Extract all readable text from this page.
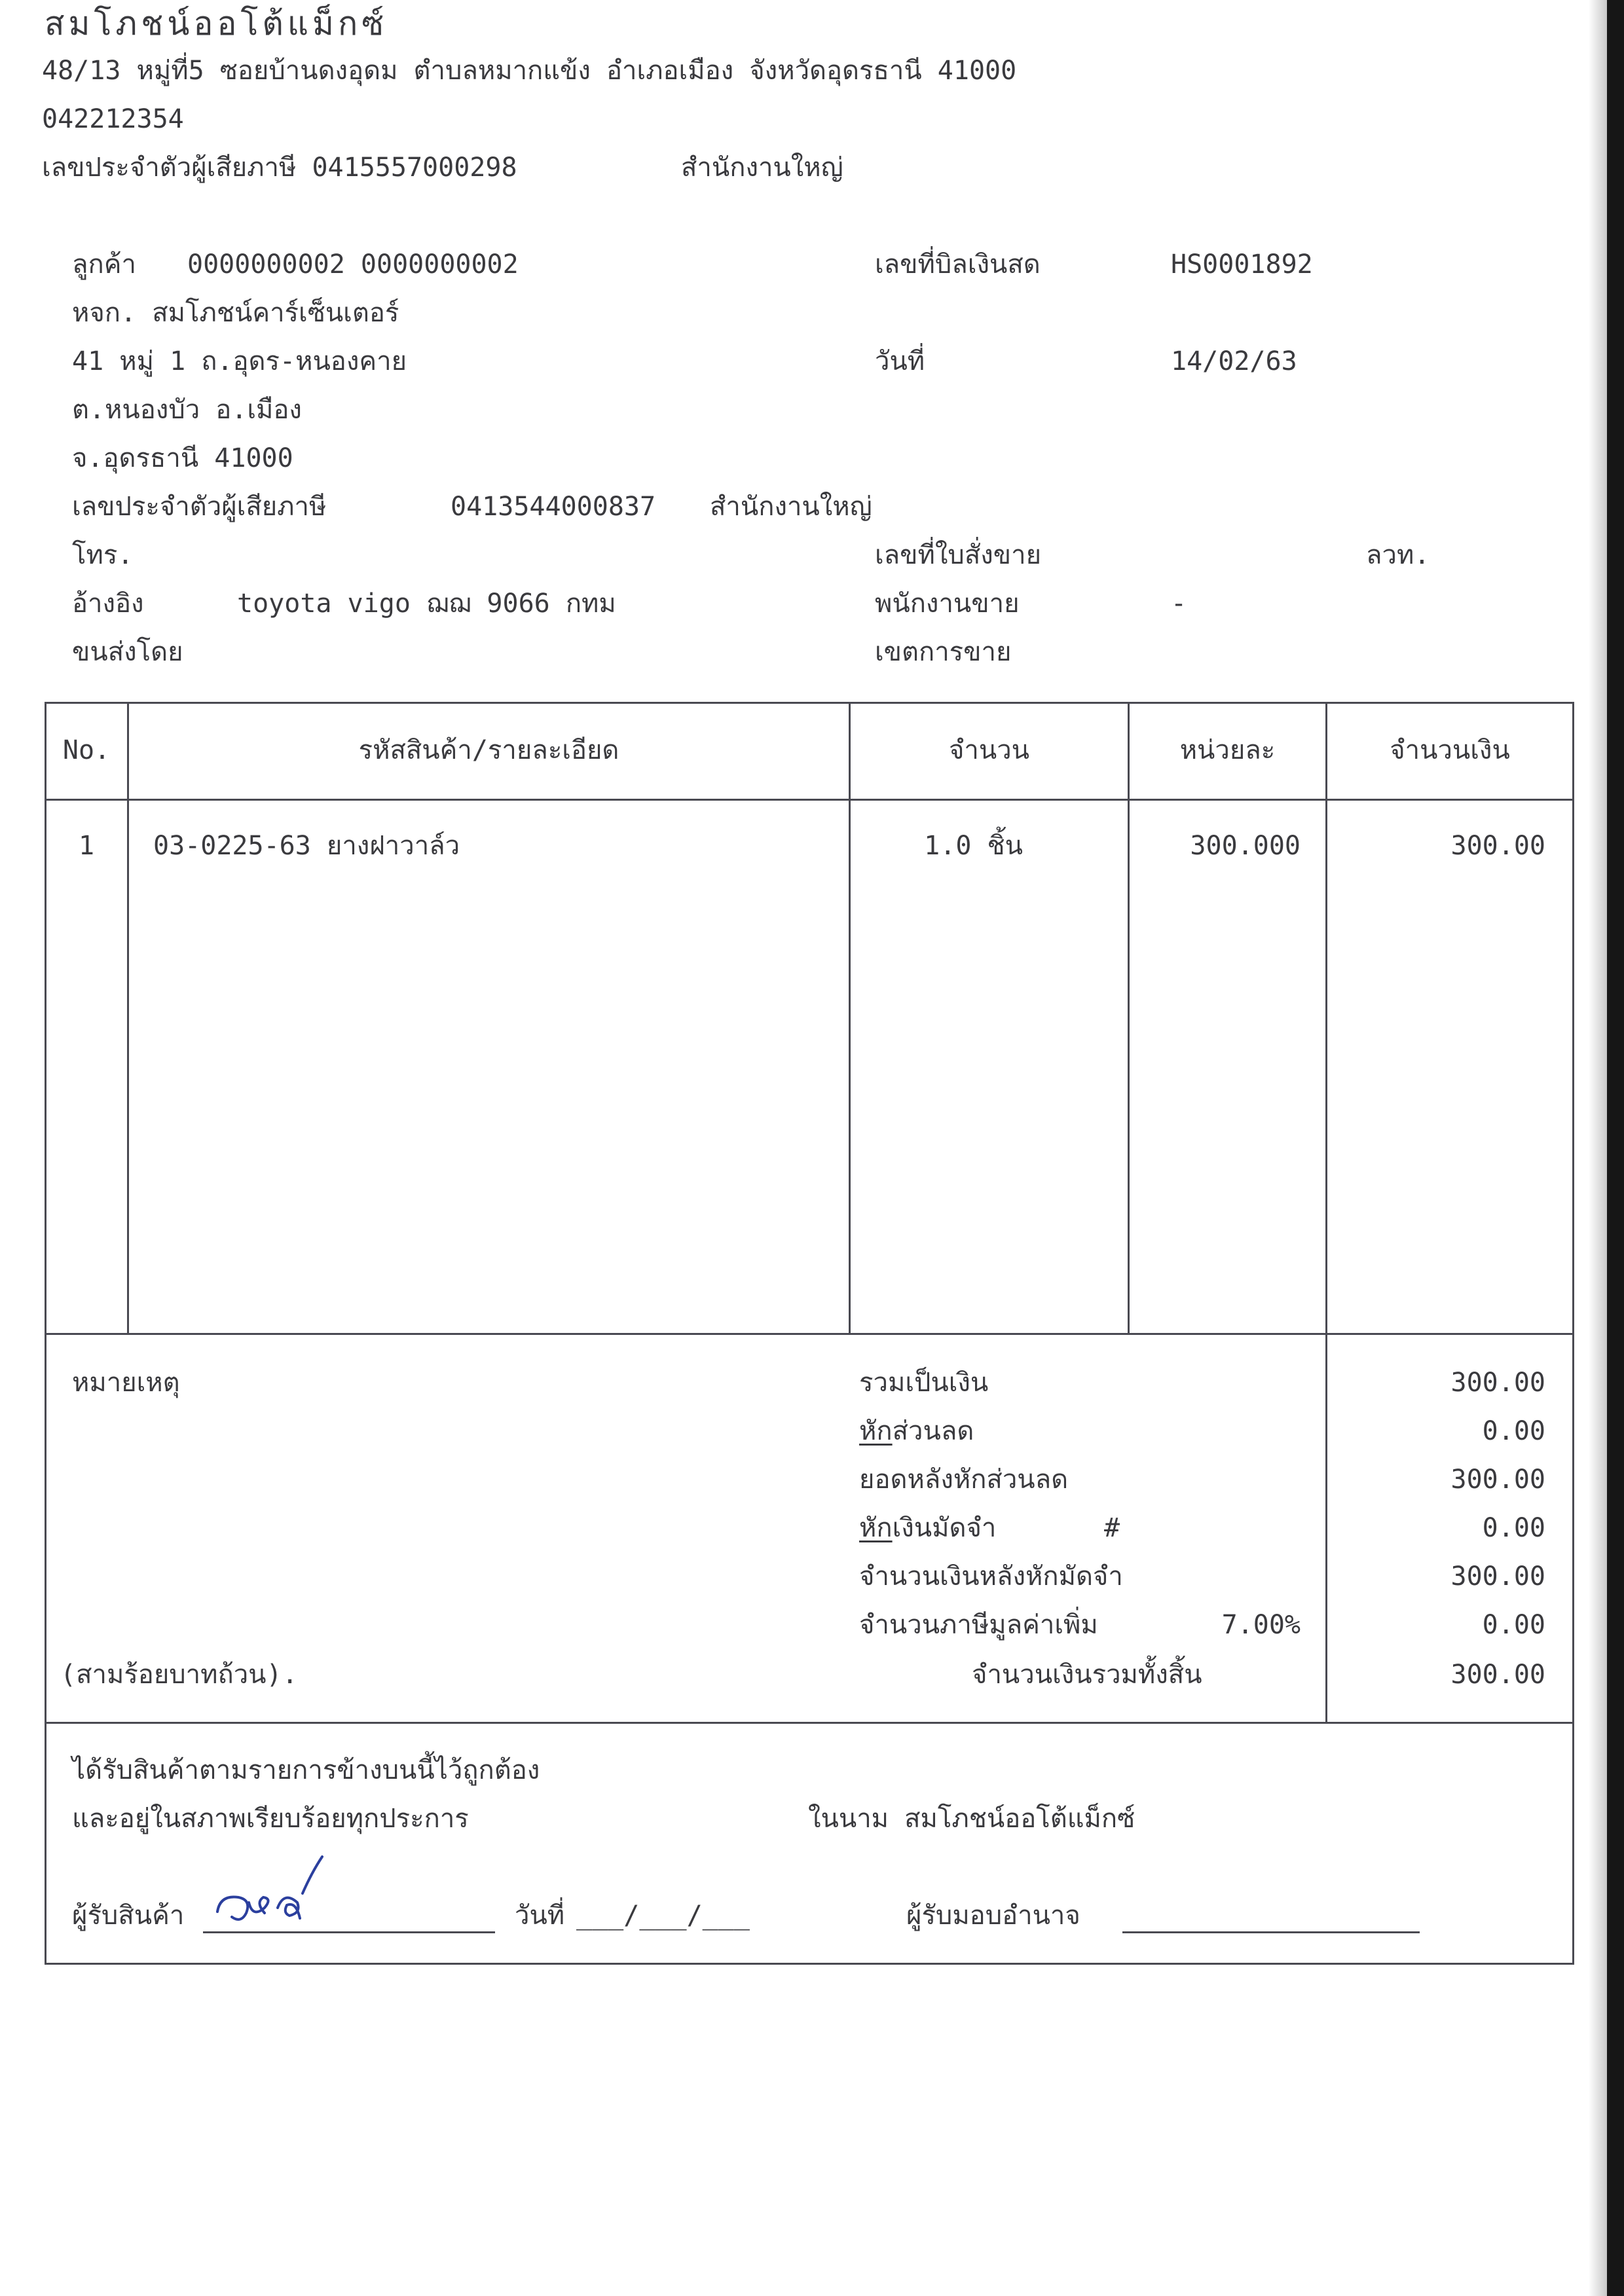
สมโภชน์ออโต้แม็กซ์
48/13 หมู่ที่5 ซอยบ้านดงอุดม ตำบลหมากแข้ง อำเภอเมือง จังหวัดอุดรธานี 41000
042212354
เลขประจำตัวผู้เสียภาษี 0415557000298	สำนักงานใหญ่
ลูกค้า 0000000002 0000000002
หจก. สมโภชน์คาร์เซ็นเตอร์
41 หมู่ 1 ถ.อุดร-หนองคาย
ต.หนองบัว อ.เมือง
จ.อุดรธานี 41000
เลขประจำตัวผู้เสียภาษี	0413544000837 สำนักงานใหญ่
โทร.
อ้างอิง	toyota vigo ฌฌ 9066 กทม
ขนส่งโดย
เลขที่บิลเงินสด	HS0001892
วันที่	14/02/63
เลขที่ใบสั่งขาย	ลวท.
พนักงานขาย	-
เขตการขาย
No.	รหัสสินค้า/รายละเอียด	จำนวน	หน่วยละ	จำนวนเงิน
1	03-0225-63 ยางฝาวาล์ว	1.0 ชิ้น	300.000	300.00
หมายเหตุ
(สามร้อยบาทถ้วน).
รวมเป็นเงิน	300.00
หักส่วนลด	0.00
ยอดหลังหักส่วนลด	300.00
หักเงินมัดจำ	#	0.00
จำนวนเงินหลังหักมัดจำ	300.00
จำนวนภาษีมูลค่าเพิ่ม	7.00%	0.00
จำนวนเงินรวมทั้งสิ้น	300.00
ได้รับสินค้าตามรายการข้างบนนี้ไว้ถูกต้อง
และอยู่ในสภาพเรียบร้อยทุกประการ	ในนาม สมโภชน์ออโต้แม็กซ์
ผู้รับสินค้า	วันที่ ___/___/___	ผู้รับมอบอำนาจ
